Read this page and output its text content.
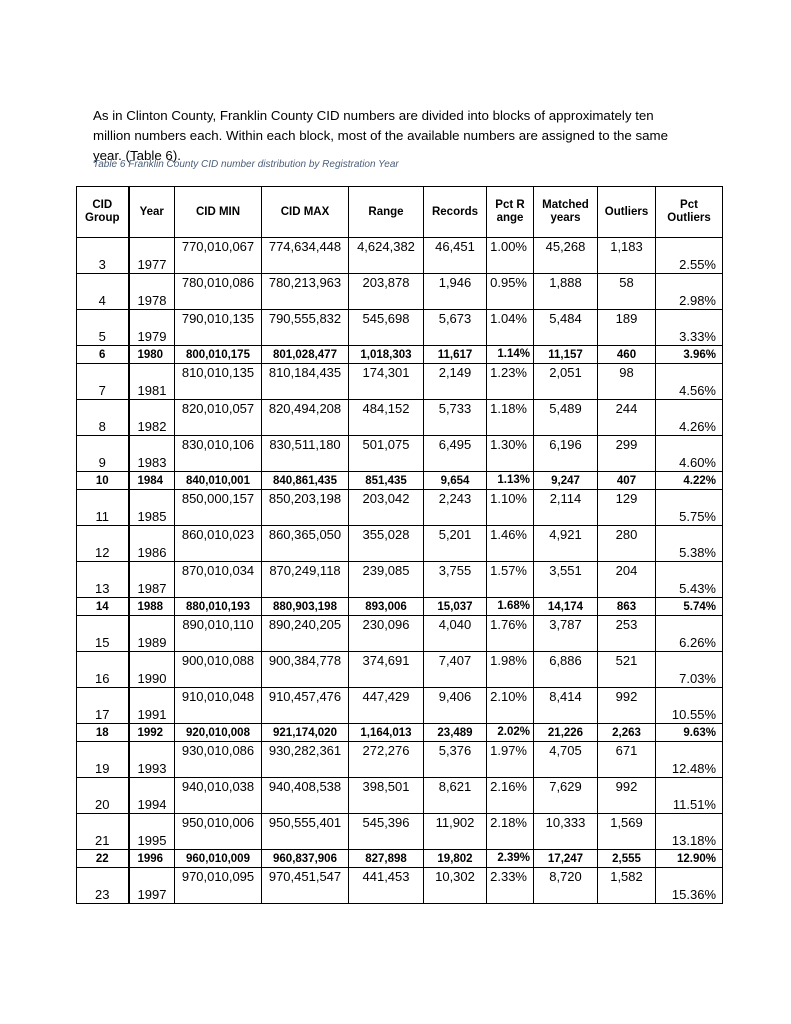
As in Clinton County, Franklin County CID numbers are divided into blocks of approximately ten million numbers each. Within each block, most of the available numbers are assigned to the same year. (Table 6).

Table 6 Franklin County CID number distribution by Registration Year
CID Group	Year	CID MIN	CID MAX	Range	Records	Pct Range	Matched years	Outliers	Pct Outliers
3	1977	770,010,067	774,634,448	4,624,382	46,451	1.00%	45,268	1,183	2.55%
4	1978	780,010,086	780,213,963	203,878	1,946	0.95%	1,888	58	2.98%
5	1979	790,010,135	790,555,832	545,698	5,673	1.04%	5,484	189	3.33%
6	1980	800,010,175	801,028,477	1,018,303	11,617	1.14%	11,157	460	3.96%
7	1981	810,010,135	810,184,435	174,301	2,149	1.23%	2,051	98	4.56%
8	1982	820,010,057	820,494,208	484,152	5,733	1.18%	5,489	244	4.26%
9	1983	830,010,106	830,511,180	501,075	6,495	1.30%	6,196	299	4.60%
10	1984	840,010,001	840,861,435	851,435	9,654	1.13%	9,247	407	4.22%
11	1985	850,000,157	850,203,198	203,042	2,243	1.10%	2,114	129	5.75%
12	1986	860,010,023	860,365,050	355,028	5,201	1.46%	4,921	280	5.38%
13	1987	870,010,034	870,249,118	239,085	3,755	1.57%	3,551	204	5.43%
14	1988	880,010,193	880,903,198	893,006	15,037	1.68%	14,174	863	5.74%
15	1989	890,010,110	890,240,205	230,096	4,040	1.76%	3,787	253	6.26%
16	1990	900,010,088	900,384,778	374,691	7,407	1.98%	6,886	521	7.03%
17	1991	910,010,048	910,457,476	447,429	9,406	2.10%	8,414	992	10.55%
18	1992	920,010,008	921,174,020	1,164,013	23,489	2.02%	21,226	2,263	9.63%
19	1993	930,010,086	930,282,361	272,276	5,376	1.97%	4,705	671	12.48%
20	1994	940,010,038	940,408,538	398,501	8,621	2.16%	7,629	992	11.51%
21	1995	950,010,006	950,555,401	545,396	11,902	2.18%	10,333	1,569	13.18%
22	1996	960,010,009	960,837,906	827,898	19,802	2.39%	17,247	2,555	12.90%
23	1997	970,010,095	970,451,547	441,453	10,302	2.33%	8,720	1,582	15.36%
